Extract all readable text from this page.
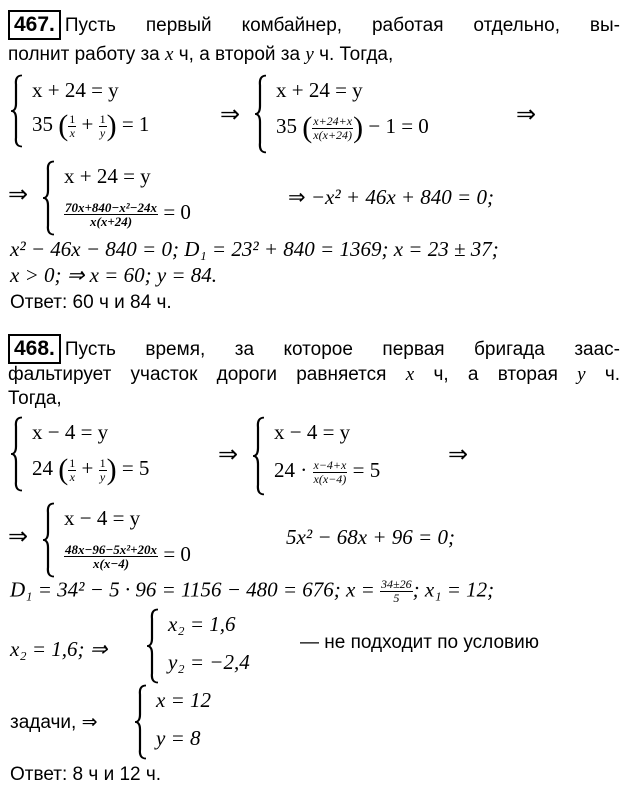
467. Пусть первый комбайнер, работая отдельно, вы-
полнит работу за x ч, а второй за y ч. Тогда,
x + 24 = y
35 ( $\frac{1}{x} + \frac{1}{y}$ ) = 1	⇒
x + 24 = y
35 ( $\frac{x+24+x}{x(x+24)}$ ) − 1 = 0	⇒
⇒
x + 24 = y
$\frac{\text{70x+840−x²−24x}}{x(x+24)} = 0$
⇒ −x² + 46x + 840 = 0;
x² − 46x − 840 = 0; D₁ = 23² + 840 = 1369; x = 23 ± 37;
x > 0; ⇒ x = 60; y = 84.
Ответ: 60 ч и 84 ч.
468. Пусть время, за которое первая бригада заас-
фальтирует участок дороги равняется x ч, а вторая y ч.
Тогда,
x − 4 = y
24 ( $\frac{1}{x} + \frac{1}{y}$ ) = 5	⇒
x − 4 = y
$24 \cdot \frac{x-4+x}{x(x-4)} = 5$
⇒
⇒
x − 4 = y
$\frac{\text{48x−96−5x²+20x}}{x(x-4)} = 0$
5x² − 68x + 96 = 0;
D₁ = 34² − 5 · 96 = 1156 − 480 = 676; $x = \frac{34\pm 26}{5}$ ; x₁ = 12;
x₂ = 1,6; ⇒
x₂ = 1,6
y₂ = −2,4
— не подходит по условию
задачи, ⇒
x = 12
y = 8
Ответ: 8 ч и 12 ч.
